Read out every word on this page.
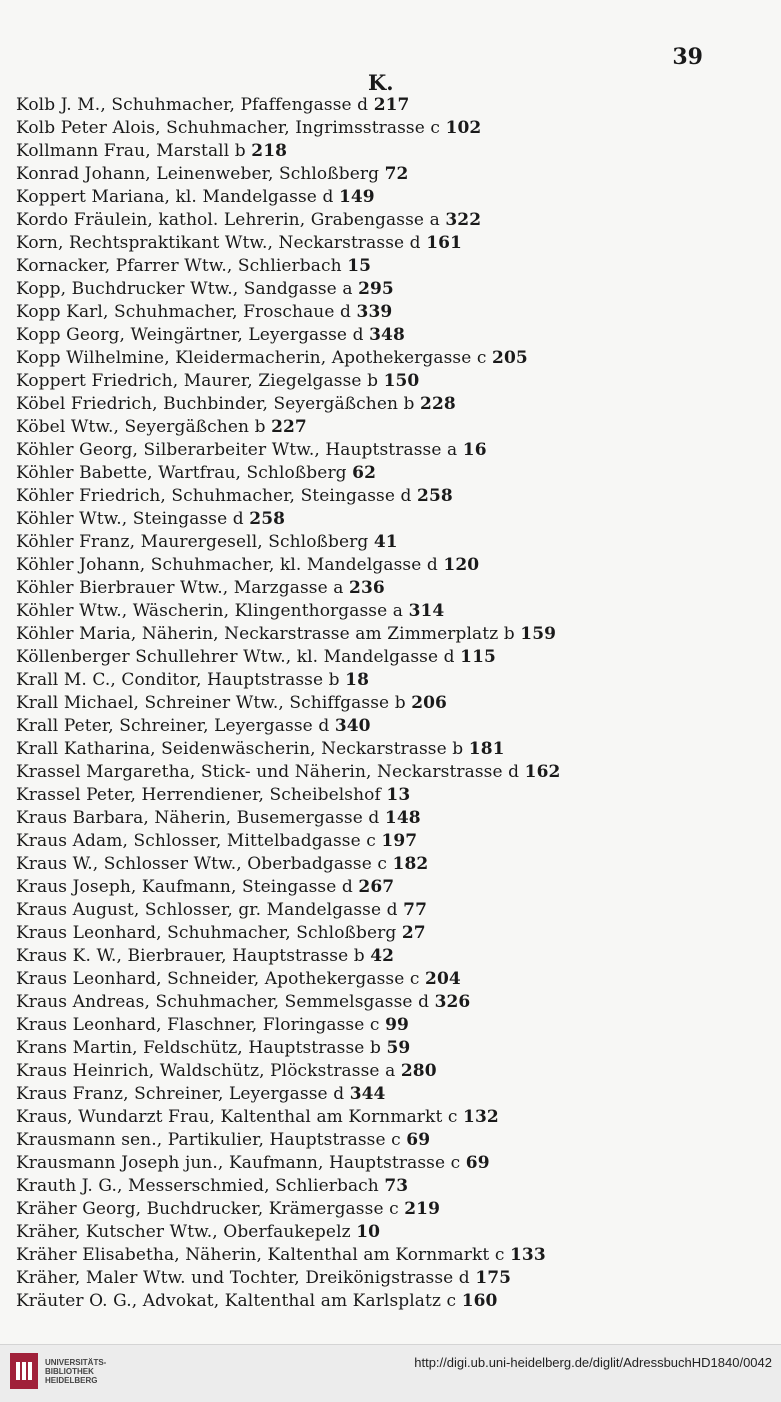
39
K.
Kolb J. M., Schuhmacher, Pfaffengasse d 217
Kolb Peter Alois, Schuhmacher, Ingrimsstrasse c 102
Kollmann Frau, Marstall b 218
Konrad Johann, Leinenweber, Schloßberg 72
Koppert Mariana, kl. Mandelgasse d 149
Kordo Fräulein, kathol. Lehrerin, Grabengasse a 322
Korn, Rechtspraktikant Wtw., Neckarstrasse d 161
Kornacker, Pfarrer Wtw., Schlierbach 15
Kopp, Buchdrucker Wtw., Sandgasse a 295
Kopp Karl, Schuhmacher, Froschaue d 339
Kopp Georg, Weingärtner, Leyergasse d 348
Kopp Wilhelmine, Kleidermacherin, Apothekergasse c 205
Koppert Friedrich, Maurer, Ziegelgasse b 150
Köbel Friedrich, Buchbinder, Seyergäßchen b 228
Köbel Wtw., Seyergäßchen b 227
Köhler Georg, Silberarbeiter Wtw., Hauptstrasse a 16
Köhler Babette, Wartfrau, Schloßberg 62
Köhler Friedrich, Schuhmacher, Steingasse d 258
Köhler Wtw., Steingasse d 258
Köhler Franz, Maurergesell, Schloßberg 41
Köhler Johann, Schuhmacher, kl. Mandelgasse d 120
Köhler Bierbrauer Wtw., Marzgasse a 236
Köhler Wtw., Wäscherin, Klingenthorgasse a 314
Köhler Maria, Näherin, Neckarstrasse am Zimmerplatz b 159
Köllenberger Schullehrer Wtw., kl. Mandelgasse d 115
Krall M. C., Conditor, Hauptstrasse b 18
Krall Michael, Schreiner Wtw., Schiffgasse b 206
Krall Peter, Schreiner, Leyergasse d 340
Krall Katharina, Seidenwäscherin, Neckarstrasse b 181
Krassel Margaretha, Stick- und Näherin, Neckarstrasse d 162
Krassel Peter, Herrendiener, Scheibelshof 13
Kraus Barbara, Näherin, Busemergasse d 148
Kraus Adam, Schlosser, Mittelbadgasse c 197
Kraus W., Schlosser Wtw., Oberbadgasse c 182
Kraus Joseph, Kaufmann, Steingasse d 267
Kraus August, Schlosser, gr. Mandelgasse d 77
Kraus Leonhard, Schuhmacher, Schloßberg 27
Kraus K. W., Bierbrauer, Hauptstrasse b 42
Kraus Leonhard, Schneider, Apothekergasse c 204
Kraus Andreas, Schuhmacher, Semmelsgasse d 326
Kraus Leonhard, Flaschner, Floringasse c 99
Krans Martin, Feldschütz, Hauptstrasse b 59
Kraus Heinrich, Waldschütz, Plöckstrasse a 280
Kraus Franz, Schreiner, Leyergasse d 344
Kraus, Wundarzt Frau, Kaltenthal am Kornmarkt c 132
Krausmann sen., Partikulier, Hauptstrasse c 69
Krausmann Joseph jun., Kaufmann, Hauptstrasse c 69
Krauth J. G., Messerschmied, Schlierbach 73
Kräher Georg, Buchdrucker, Krämergasse c 219
Kräher, Kutscher Wtw., Oberfaukepelz 10
Kräher Elisabetha, Näherin, Kaltenthal am Kornmarkt c 133
Kräher, Maler Wtw. und Tochter, Dreikönigstrasse d 175
Kräuter O. G., Advokat, Kaltenthal am Karlsplatz c 160
UNIVERSITÄTS-
BIBLIOTHEK
HEIDELBERG
http://digi.ub.uni-heidelberg.de/diglit/AdressbuchHD1840/0042
